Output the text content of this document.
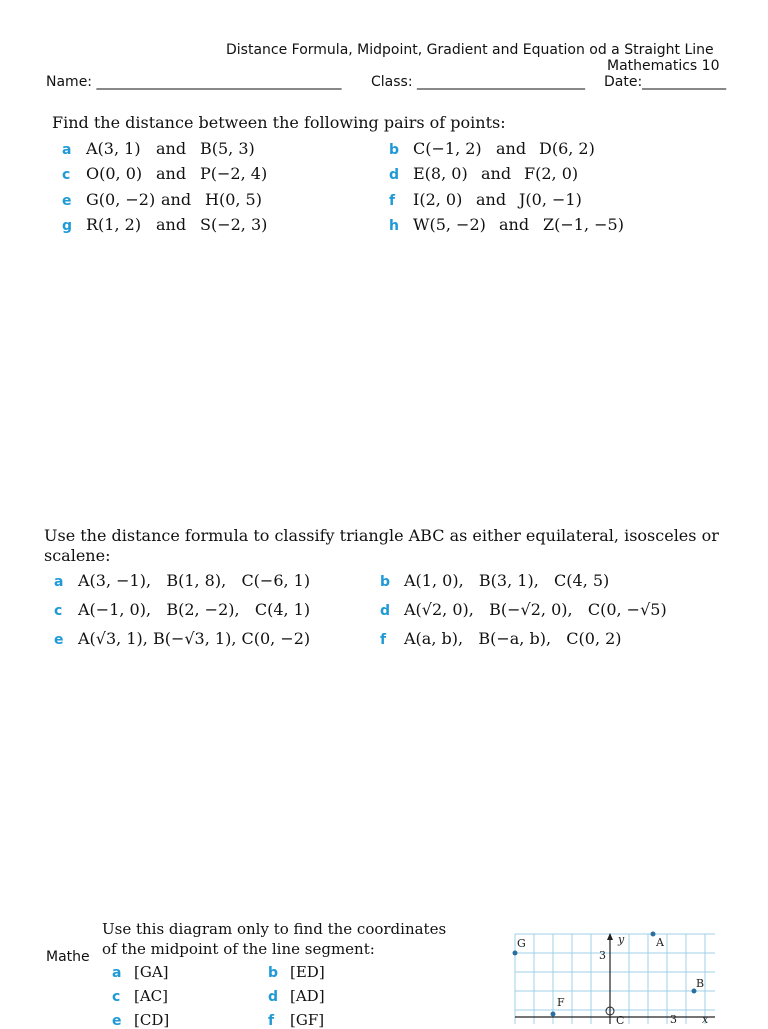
Distance Formula, Midpoint, Gradient and Equation od a Straight Line
Mathematics 10
Name: ___________________________________ Class: ________________________ Date:____________
Find the distance between the following pairs of points:
a A(3, 1) and B(5, 3)	b C(−1, 2) and D(6, 2)
c O(0, 0) and P(−2, 4)	d E(8, 0) and F(2, 0)
e G(0, −2) and H(0, 5)	f I(2, 0) and J(0, −1)
g R(1, 2) and S(−2, 3)	h W(5, −2) and Z(−1, −5)
Use the distance formula to classify triangle ABC as either equilateral, isosceles or
scalene:
a A(3, −1),   B(1, 8),   C(−6, 1)	b A(1, 0),   B(3, 1),   C(4, 5)
c A(−1, 0),   B(2, −2),   C(4, 1)	d A(√2, 0),   B(−√2, 0),   C(0, −√5)
e A(√3, 1), B(−√3, 1), C(0, −2)	f A(a, b),   B(−a, b),   C(0, 2)
Mathe
Use this diagram only to find the coordinates
of the midpoint of the line segment:
a [GA]	b [ED]
c [AC]	d [AD]
e [CD]	f [GF]
G	A
B
F
C
y
x
3
3
